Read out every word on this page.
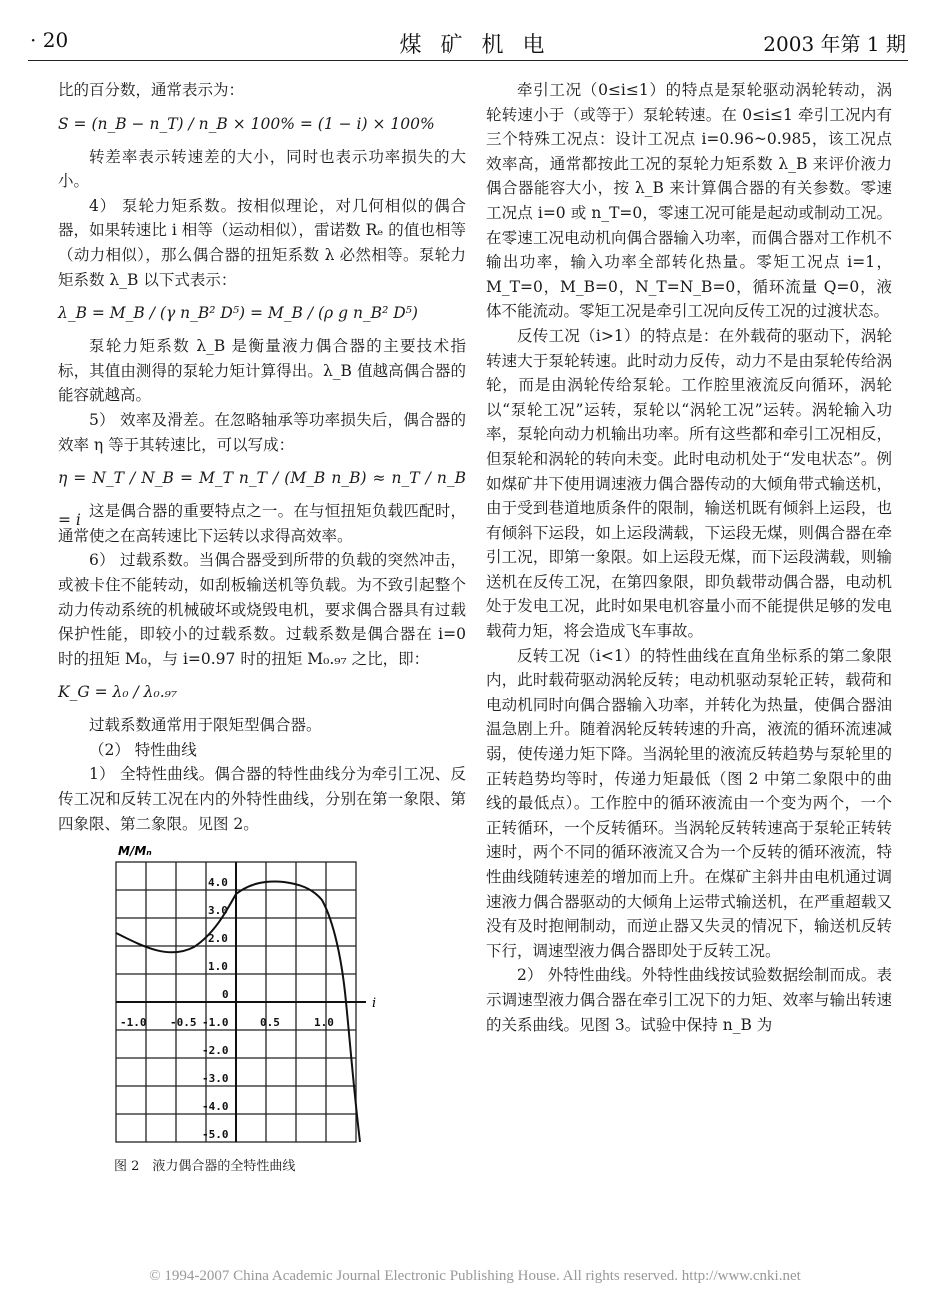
· 20	煤 矿 机 电	2003 年第 1 期

比的百分数，通常表示为：

S = (n_B − n_T) / n_B × 100% = (1 − i) × 100%

转差率表示转速差的大小，同时也表示功率损失的大小。

4） 泵轮力矩系数。按相似理论，对几何相似的偶合器，如果转速比 i 相等（运动相似），雷诺数 Rₑ 的值也相等（动力相似），那么偶合器的扭矩系数 λ 必然相等。泵轮力矩系数 λ_B 以下式表示：

λ_B = M_B / (γ n_B² D⁵) = M_B / (ρ g n_B² D⁵)

泵轮力矩系数 λ_B 是衡量液力偶合器的主要技术指标，其值由测得的泵轮力矩计算得出。λ_B 值越高偶合器的能容就越高。

5） 效率及滑差。在忽略轴承等功率损失后，偶合器的效率 η 等于其转速比，可以写成：

η = N_T / N_B = M_T n_T / (M_B n_B) ≈ n_T / n_B = i 这是偶合器的重要特点之一。在与恒扭矩负载匹配时，通常使之在高转速比下运转以求得高效率。

6） 过载系数。当偶合器受到所带的负载的突然冲击，或被卡住不能转动，如刮板输送机等负载。为不致引起整个动力传动系统的机械破坏或烧毁电机，要求偶合器具有过载保护性能，即较小的过载系数。过载系数是偶合器在 i=0 时的扭矩 M₀，与 i=0.97 时的扭矩 M₀.₉₇ 之比，即：

K_G = λ₀ / λ₀.₉₇

过载系数通常用于限矩型偶合器。

（2） 特性曲线

1） 全特性曲线。偶合器的特性曲线分为牵引工况、反传工况和反转工况在内的外特性曲线，分别在第一象限、第四象限、第二象限。见图 2。

M/Mₙ
i
4.0
3.0
2.0
1.0
0
-1.0
-2.0
-3.0
-4.0
-5.0
-1.0 -0.5	0.5	1.0

图 2　液力偶合器的全特性曲线

牵引工况（0≤i≤1）的特点是泵轮驱动涡轮转动，涡轮转速小于（或等于）泵轮转速。在 0≤i≤1 牵引工况内有三个特殊工况点：设计工况点 i=0.96~0.985，该工况点效率高，通常都按此工况的泵轮力矩系数 λ_B 来评价液力偶合器能容大小，按 λ_B 来计算偶合器的有关参数。零速工况点 i=0 或 n_T=0，零速工况可能是起动或制动工况。在零速工况电动机向偶合器输入功率，而偶合器对工作机不输出功率，输入功率全部转化热量。零矩工况点 i=1，M_T=0，M_B=0，N_T=N_B=0，循环流量 Q=0，液体不能流动。零矩工况是牵引工况向反传工况的过渡状态。

反传工况（i>1）的特点是：在外载荷的驱动下，涡轮转速大于泵轮转速。此时动力反传，动力不是由泵轮传给涡轮，而是由涡轮传给泵轮。工作腔里液流反向循环，涡轮以“泵轮工况”运转，泵轮以“涡轮工况”运转。涡轮输入功率，泵轮向动力机输出功率。所有这些都和牵引工况相反，但泵轮和涡轮的转向未变。此时电动机处于“发电状态”。例如煤矿井下使用调速液力偶合器传动的大倾角带式输送机，由于受到巷道地质条件的限制，输送机既有倾斜上运段，也有倾斜下运段，如上运段满载，下运段无煤，则偶合器在牵引工况，即第一象限。如上运段无煤，而下运段满载，则输送机在反传工况，在第四象限，即负载带动偶合器，电动机处于发电工况，此时如果电机容量小而不能提供足够的发电载荷力矩，将会造成飞车事故。

反转工况（i<1）的特性曲线在直角坐标系的第二象限内，此时载荷驱动涡轮反转；电动机驱动泵轮正转，载荷和电动机同时向偶合器输入功率，并转化为热量，使偶合器油温急剧上升。随着涡轮反转转速的升高，液流的循环流速减弱，使传递力矩下降。当涡轮里的液流反转趋势与泵轮里的正转趋势均等时，传递力矩最低（图 2 中第二象限中的曲线的最低点）。工作腔中的循环液流由一个变为两个，一个正转循环，一个反转循环。当涡轮反转转速高于泵轮正转转速时，两个不同的循环液流又合为一个反转的循环液流，特性曲线随转速差的增加而上升。在煤矿主斜井由电机通过调速液力偶合器驱动的大倾角上运带式输送机，在严重超载又没有及时抱闸制动，而逆止器又失灵的情况下，输送机反转下行，调速型液力偶合器即处于反转工况。

2） 外特性曲线。外特性曲线按试验数据绘制而成。表示调速型液力偶合器在牵引工况下的力矩、效率与输出转速的关系曲线。见图 3。试验中保持 n_B 为

© 1994-2007 China Academic Journal Electronic Publishing House. All rights reserved. http://www.cnki.net
